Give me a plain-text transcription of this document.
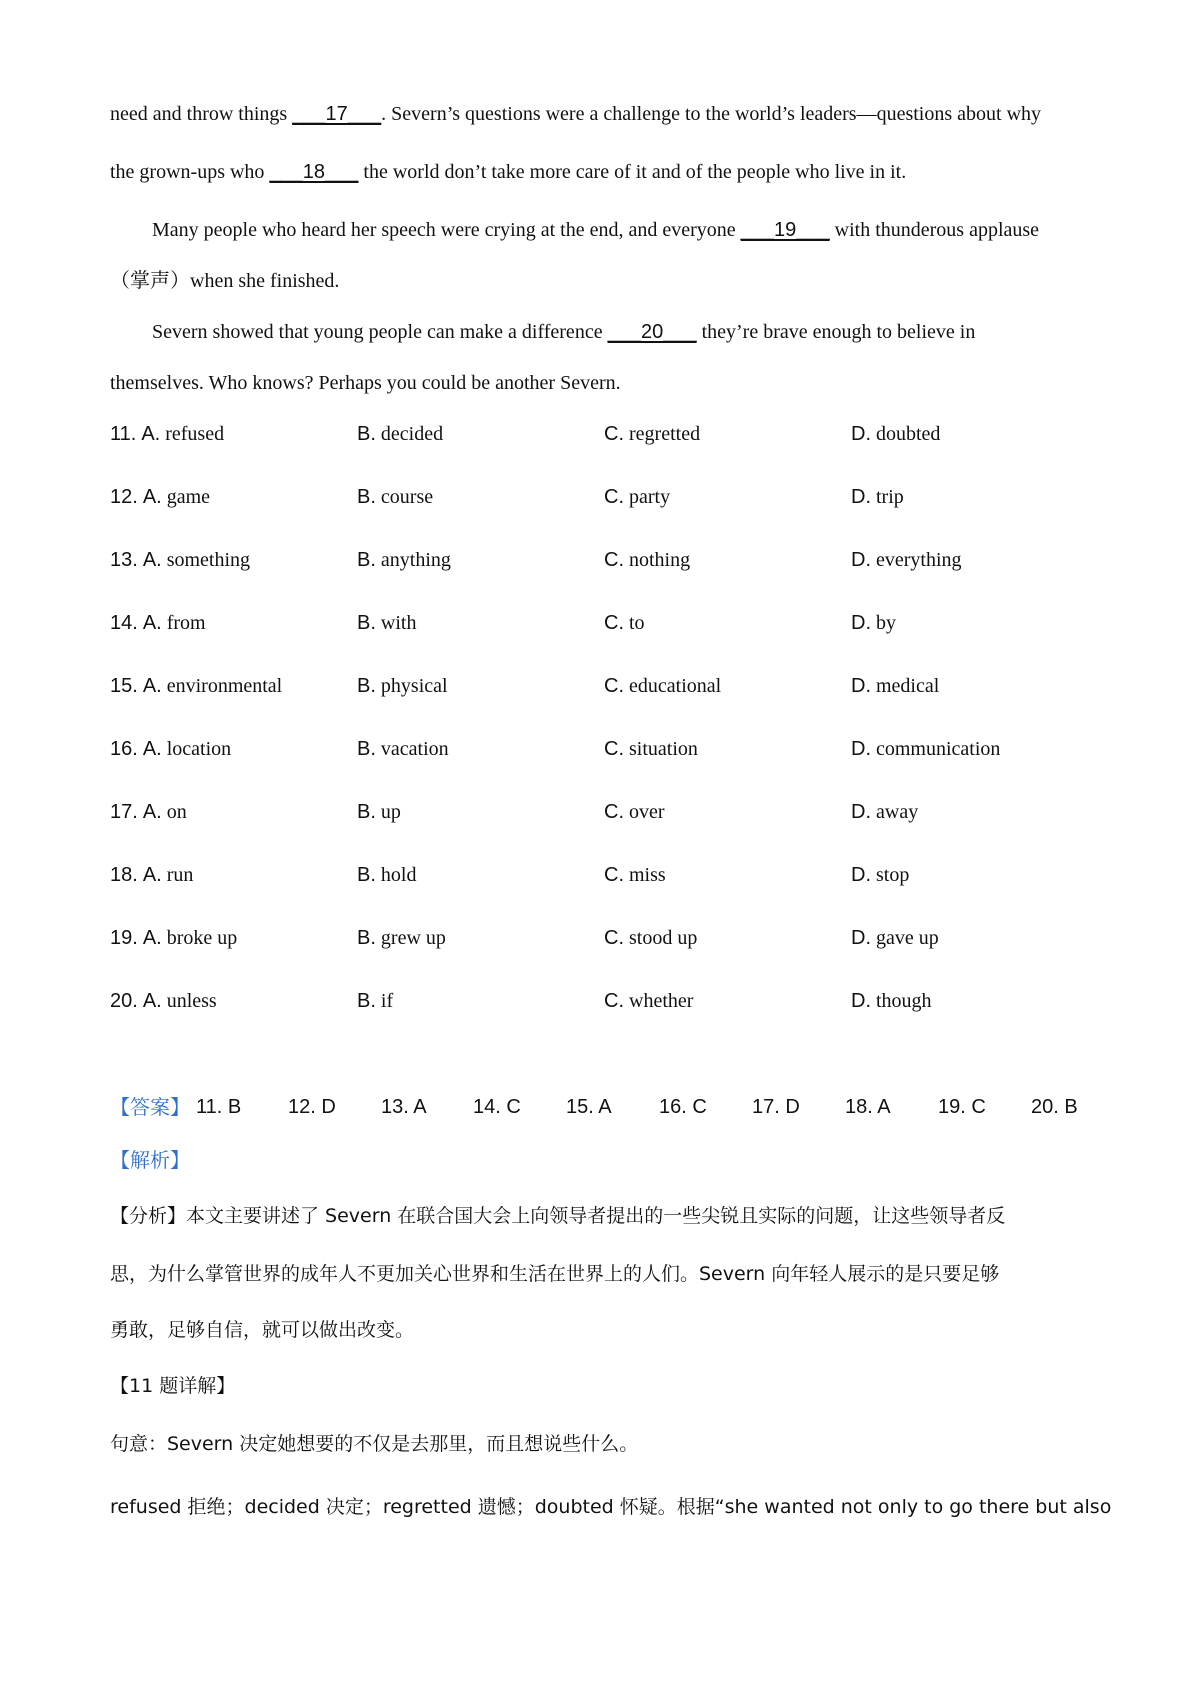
need and throw things ___17___. Severn’s questions were a challenge to the world’s leaders—questions about why
the grown-ups who ___18___ the world don’t take more care of it and of the people who live in it.
Many people who heard her speech were crying at the end, and everyone ___19___ with thunderous applause
（掌声）when she finished.
Severn showed that young people can make a difference ___20___ they’re brave enough to believe in
themselves. Who knows? Perhaps you could be another Severn.
11. A. refused	B. decided	C. regretted	D. doubted
12. A. game	B. course	C. party	D. trip
13. A. something	B. anything	C. nothing	D. everything
14. A. from	B. with	C. to	D. by
15. A. environmental	B. physical	C. educational	D. medical
16. A. location	B. vacation	C. situation	D. communication
17. A. on	B. up	C. over	D. away
18. A. run	B. hold	C. miss	D. stop
19. A. broke up	B. grew up	C. stood up	D. gave up
20. A. unless	B. if	C. whether	D. though
【答案】 11. B 12. D 13. A 14. C 15. A 16. C 17. D 18. A 19. C 20. B
【解析】
【分析】本文主要讲述了 Severn 在联合国大会上向领导者提出的一些尖锐且实际的问题，让这些领导者反
思，为什么掌管世界的成年人不更加关心世界和生活在世界上的人们。Severn 向年轻人展示的是只要足够
勇敢，足够自信，就可以做出改变。
【11 题详解】
句意：Severn 决定她想要的不仅是去那里，而且想说些什么。
refused 拒绝；decided 决定；regretted 遗憾；doubted 怀疑。根据“she wanted not only to go there but also
